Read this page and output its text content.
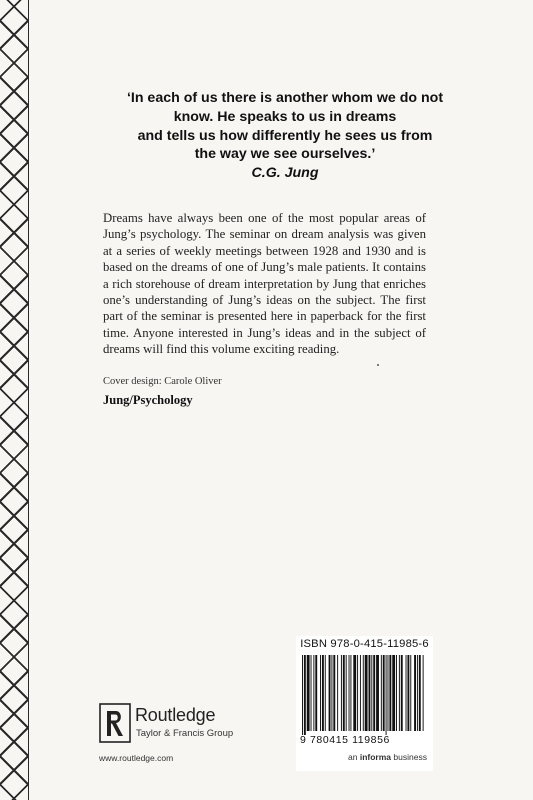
‘In each of us there is another whom we do not
know. He speaks to us in dreams
and tells us how differently he sees us from
the way we see ourselves.’
C.G. Jung
Dreams have always been one of the most popular areas of Jung’s psychology. The seminar on dream analysis was given at a series of weekly meetings between 1928 and 1930 and is based on the dreams of one of Jung’s male patients. It contains a rich storehouse of dream interpretation by Jung that enriches one’s understanding of Jung’s ideas on the subject. The first part of the seminar is presented here in paperback for the first time. Anyone interested in Jung’s ideas and in the subject of dreams will find this volume exciting reading.
Cover design: Carole Oliver
Jung/Psychology
Routledge
Taylor & Francis Group
www.routledge.com
ISBN 978-0-415-11985-6
9 780415 119856
an informa business
